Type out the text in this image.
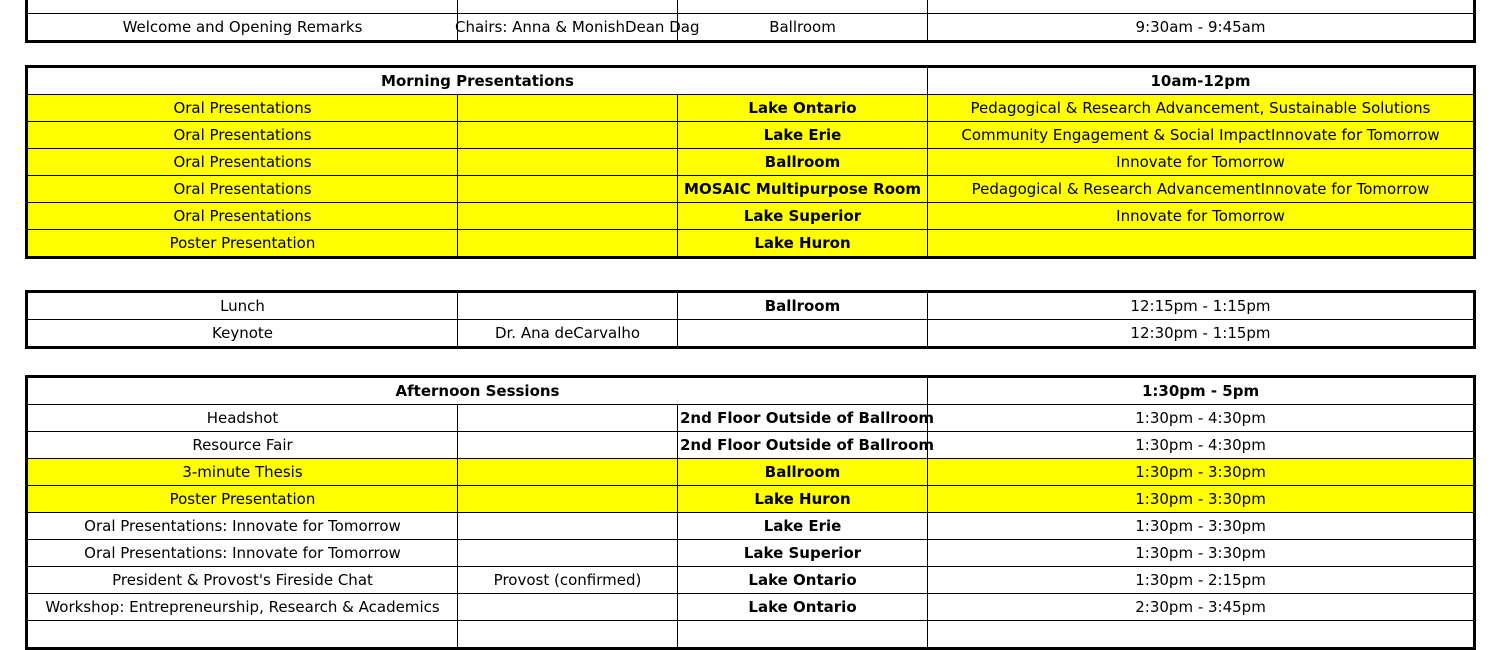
Welcome and Opening Remarks	Chairs: Anna & MonishDean Dag	Ballroom	9:30am - 9:45am
Morning Presentations			10am-12pm
Oral Presentations		Lake Ontario	Pedagogical & Research Advancement, Sustainable Solutions
Oral Presentations		Lake Erie	Community Engagement & Social ImpactInnovate for Tomorrow
Oral Presentations		Ballroom	Innovate for Tomorrow
Oral Presentations		MOSAIC Multipurpose Room	Pedagogical & Research AdvancementInnovate for Tomorrow
Oral Presentations		Lake Superior	Innovate for Tomorrow
Poster Presentation		Lake Huron	
Lunch		Ballroom	12:15pm - 1:15pm
Keynote	Dr. Ana deCarvalho		12:30pm - 1:15pm
Afternoon Sessions			1:30pm - 5pm
Headshot		2nd Floor Outside of Ballroom	1:30pm - 4:30pm
Resource Fair		2nd Floor Outside of Ballroom	1:30pm - 4:30pm
3-minute Thesis		Ballroom	1:30pm - 3:30pm
Poster Presentation		Lake Huron	1:30pm - 3:30pm
Oral Presentations: Innovate for Tomorrow		Lake Erie	1:30pm - 3:30pm
Oral Presentations: Innovate for Tomorrow		Lake Superior	1:30pm - 3:30pm
President & Provost's Fireside Chat	Provost (confirmed)	Lake Ontario	1:30pm - 2:15pm
Workshop: Entrepreneurship, Research & Academics		Lake Ontario	2:30pm - 3:45pm
